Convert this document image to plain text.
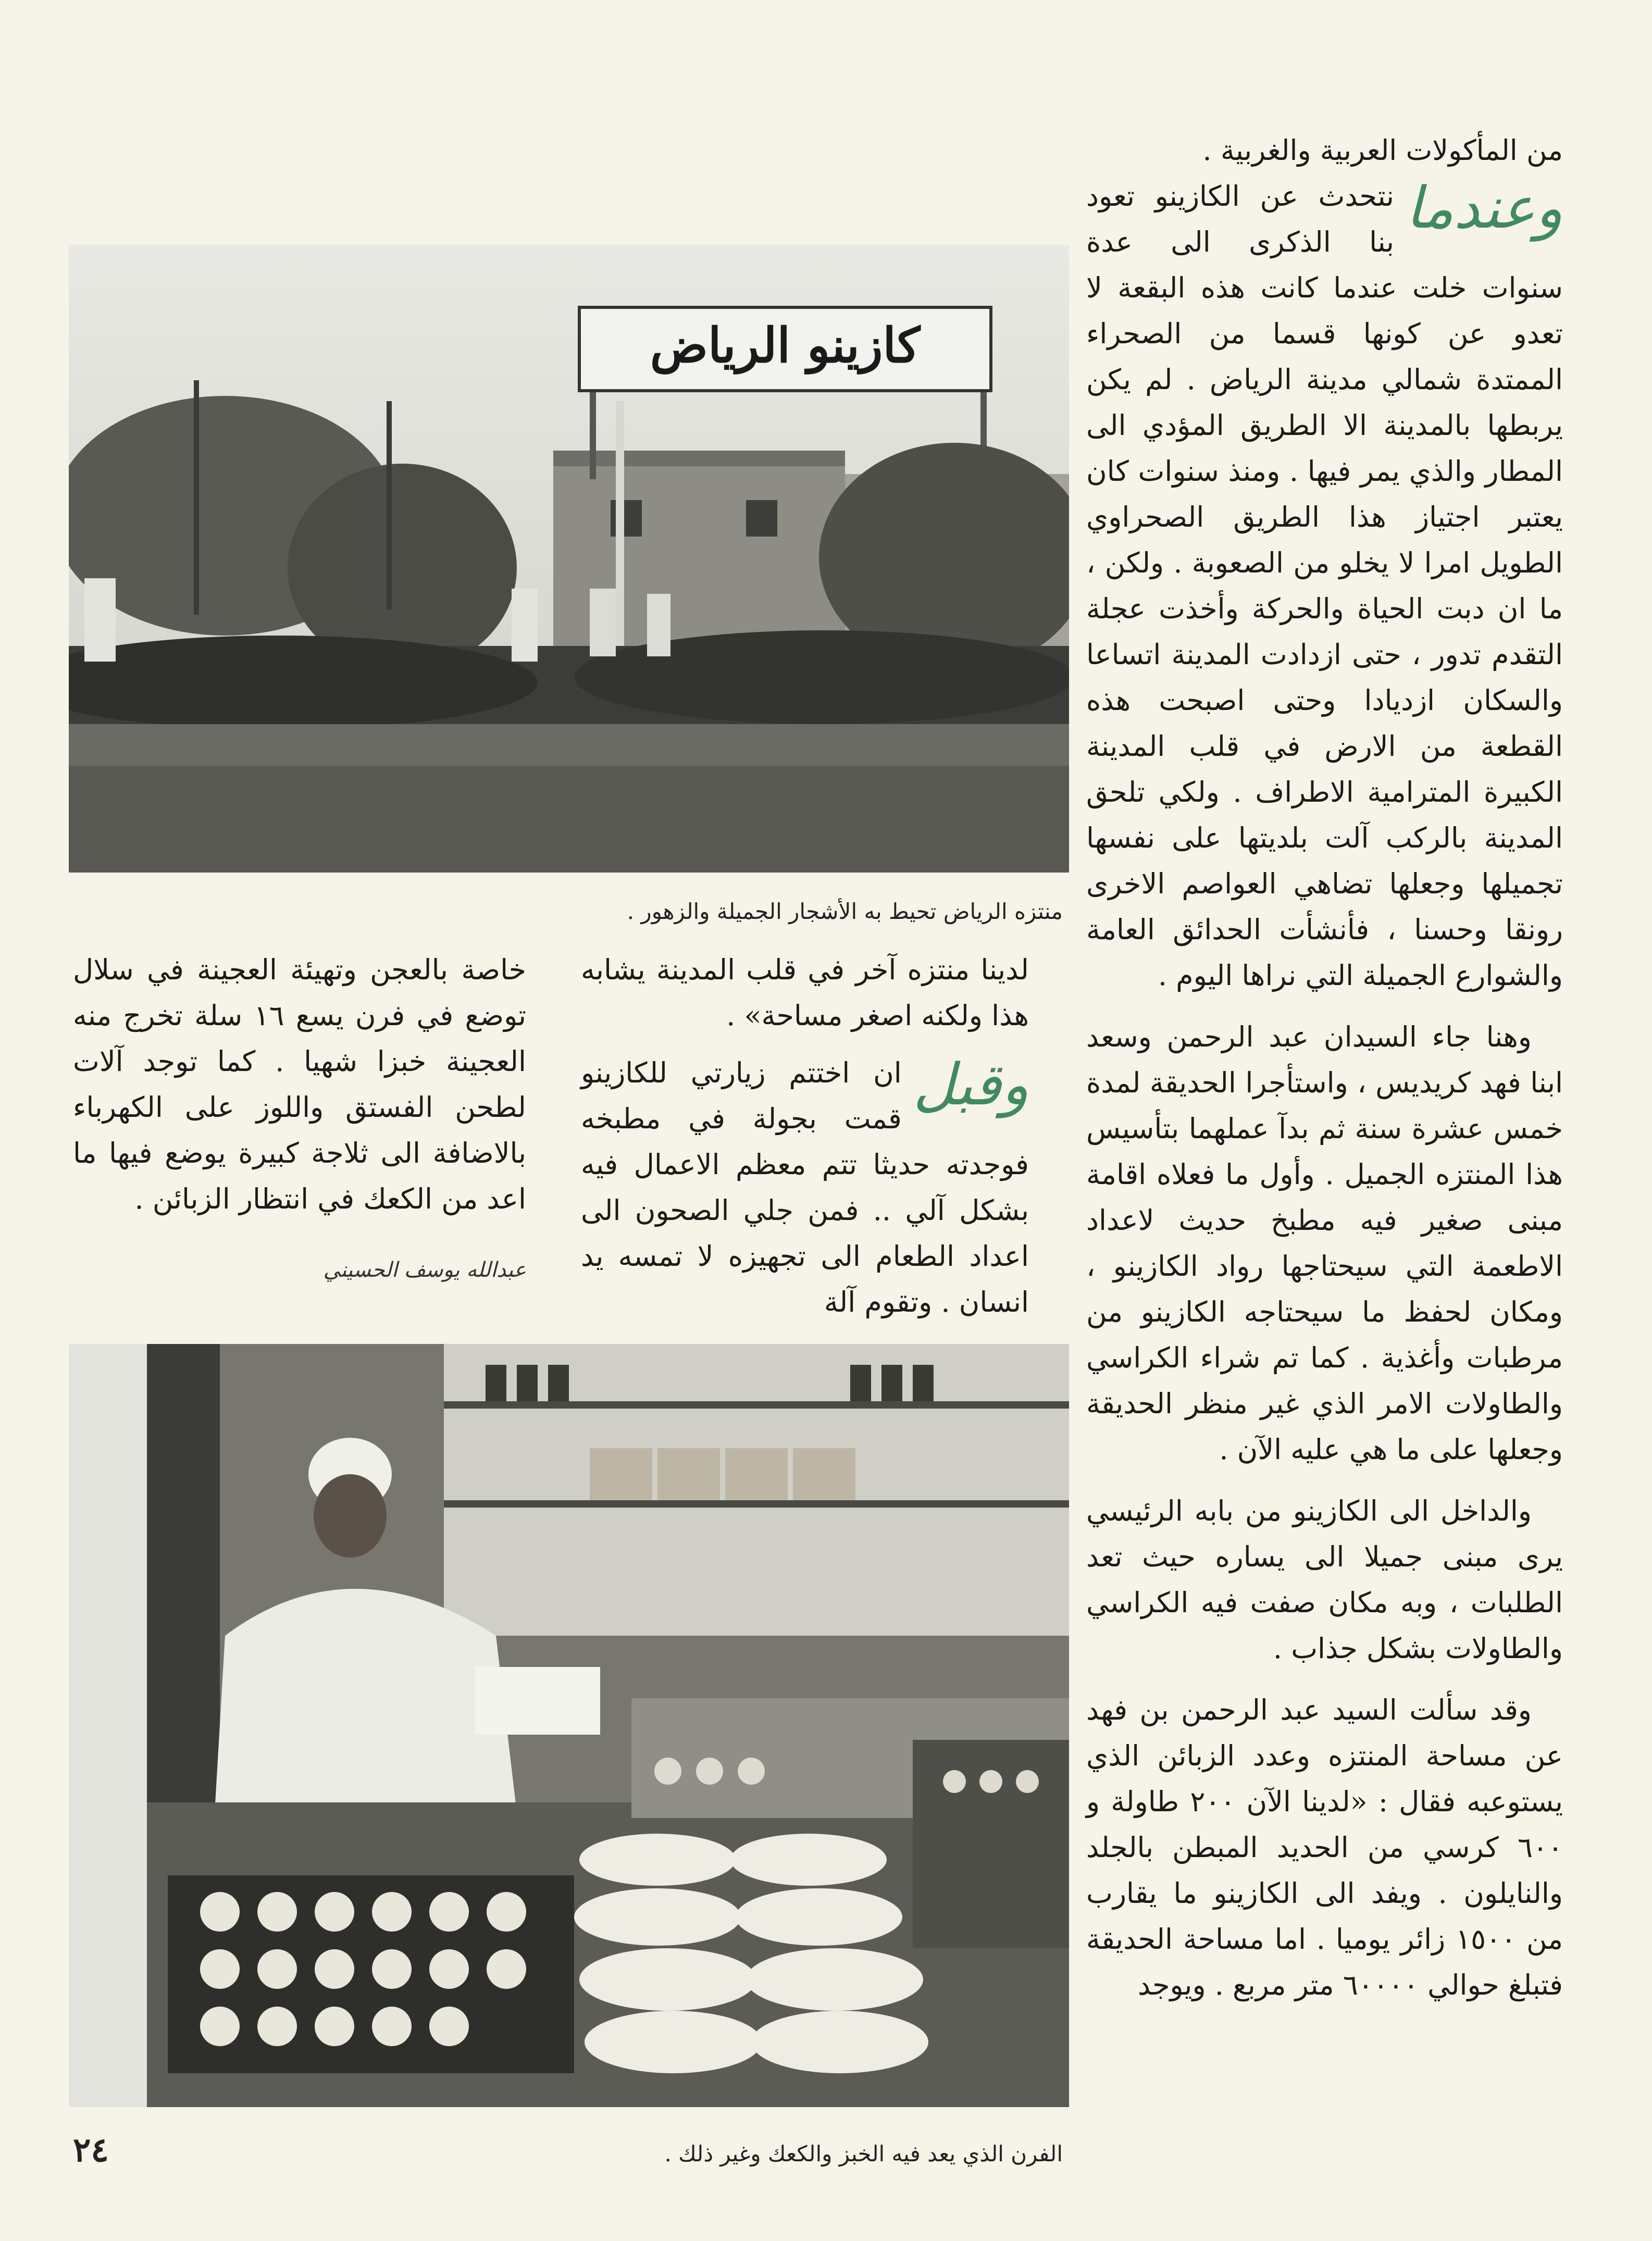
كازينو الرياض
منتزه الرياض تحيط به الأشجار الجميلة والزهور .

من المأكولات العربية والغربية .

وعندما
نتحدث عن الكازينو تعود بنا الذكرى الى عدة سنوات خلت عندما كانت هذه البقعة لا تعدو عن كونها قسما من الصحراء الممتدة شمالي مدينة الرياض . لم يكن يربطها بالمدينة الا الطريق المؤدي الى المطار والذي يمر فيها . ومنذ سنوات كان يعتبر اجتياز هذا الطريق الصحراوي الطويل امرا لا يخلو من الصعوبة . ولكن ، ما ان دبت الحياة والحركة وأخذت عجلة التقدم تدور ، حتى ازدادت المدينة اتساعا والسكان ازديادا وحتى اصبحت هذه القطعة من الارض في قلب المدينة الكبيرة المترامية الاطراف . ولكي تلحق المدينة بالركب آلت بلديتها على نفسها تجميلها وجعلها تضاهي العواصم الاخرى رونقا وحسنا ، فأنشأت الحدائق العامة والشوارع الجميلة التي نراها اليوم .

وهنا جاء السيدان عبد الرحمن وسعد ابنا فهد كريديس ، واستأجرا الحديقة لمدة خمس عشرة سنة ثم بدآ عملهما بتأسيس هذا المنتزه الجميل . وأول ما فعلاه اقامة مبنى صغير فيه مطبخ حديث لاعداد الاطعمة التي سيحتاجها رواد الكازينو ، ومكان لحفظ ما سيحتاجه الكازينو من مرطبات وأغذية . كما تم شراء الكراسي والطاولات الامر الذي غير منظر الحديقة وجعلها على ما هي عليه الآن .

والداخل الى الكازينو من بابه الرئيسي يرى مبنى جميلا الى يساره حيث تعد الطلبات ، وبه مكان صفت فيه الكراسي والطاولات بشكل جذاب .

وقد سألت السيد عبد الرحمن بن فهد عن مساحة المنتزه وعدد الزبائن الذي يستوعبه فقال : «لدينا الآن ٢٠٠ طاولة و ٦٠٠ كرسي من الحديد المبطن بالجلد والنايلون . ويفد الى الكازينو ما يقارب من ١٥٠٠ زائر يوميا . اما مساحة الحديقة فتبلغ حوالي ٦٠٠٠٠ متر مربع . ويوجد

لدينا منتزه آخر في قلب المدينة يشابه هذا ولكنه اصغر مساحة» .

وقبل
ان اختتم زيارتي للكازينو قمت بجولة في مطبخه فوجدته حديثا تتم معظم الاعمال فيه بشكل آلي .. فمن جلي الصحون الى اعداد الطعام الى تجهيزه لا تمسه يد انسان . وتقوم آلة

خاصة بالعجن وتهيئة العجينة في سلال توضع في فرن يسع ١٦ سلة تخرج منه العجينة خبزا شهيا . كما توجد آلات لطحن الفستق واللوز على الكهرباء بالاضافة الى ثلاجة كبيرة يوضع فيها ما اعد من الكعك في انتظار الزبائن .

عبدالله يوسف الحسيني
الفرن الذي يعد فيه الخبز والكعك وغير ذلك .
٢٤
